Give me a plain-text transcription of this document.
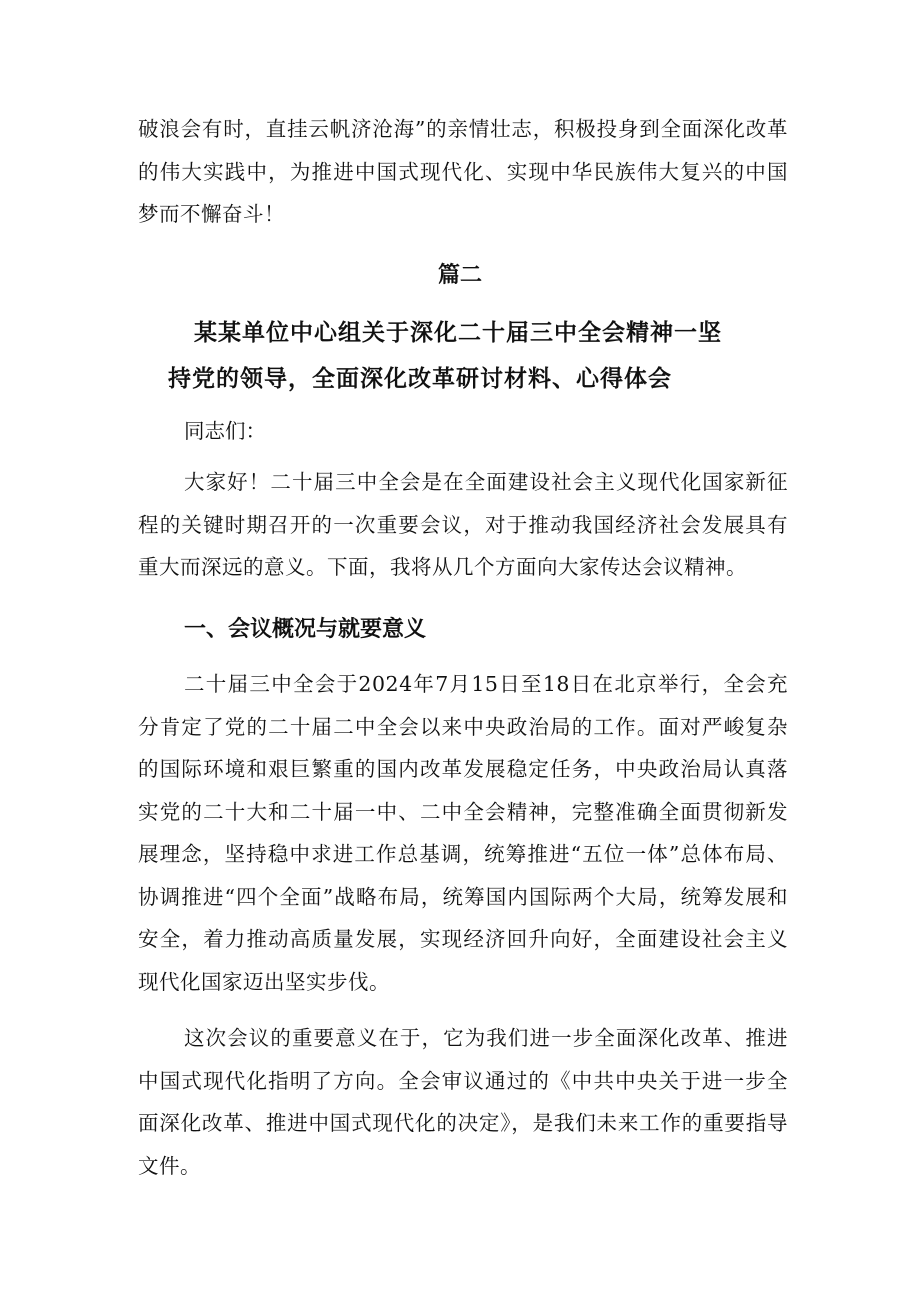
破浪会有时，直挂云帆济沧海”的亲情壮志，积极投身到全面深化改革的伟大实践中，为推进中国式现代化、实现中华民族伟大复兴的中国梦而不懈奋斗！

篇二

某某单位中心组关于深化二十届三中全会精神一坚
持党的领导，全面深化改革研讨材料、心得体会

同志们：

大家好！二十届三中全会是在全面建设社会主义现代化国家新征程的关键时期召开的一次重要会议，对于推动我国经济社会发展具有重大而深远的意义。下面，我将从几个方面向大家传达会议精神。

一、会议概况与就要意义

二十届三中全会于2024年7月15日至18日在北京举行，全会充分肯定了党的二十届二中全会以来中央政治局的工作。面对严峻复杂的国际环境和艰巨繁重的国内改革发展稳定任务，中央政治局认真落实党的二十大和二十届一中、二中全会精神，完整准确全面贯彻新发展理念，坚持稳中求进工作总基调，统筹推进“五位一体”总体布局、协调推进“四个全面”战略布局，统筹国内国际两个大局，统筹发展和安全，着力推动高质量发展，实现经济回升向好，全面建设社会主义现代化国家迈出坚实步伐。

这次会议的重要意义在于，它为我们进一步全面深化改革、推进中国式现代化指明了方向。全会审议通过的《中共中央关于进一步全面深化改革、推进中国式现代化的决定》，是我们未来工作的重要指导文件。
